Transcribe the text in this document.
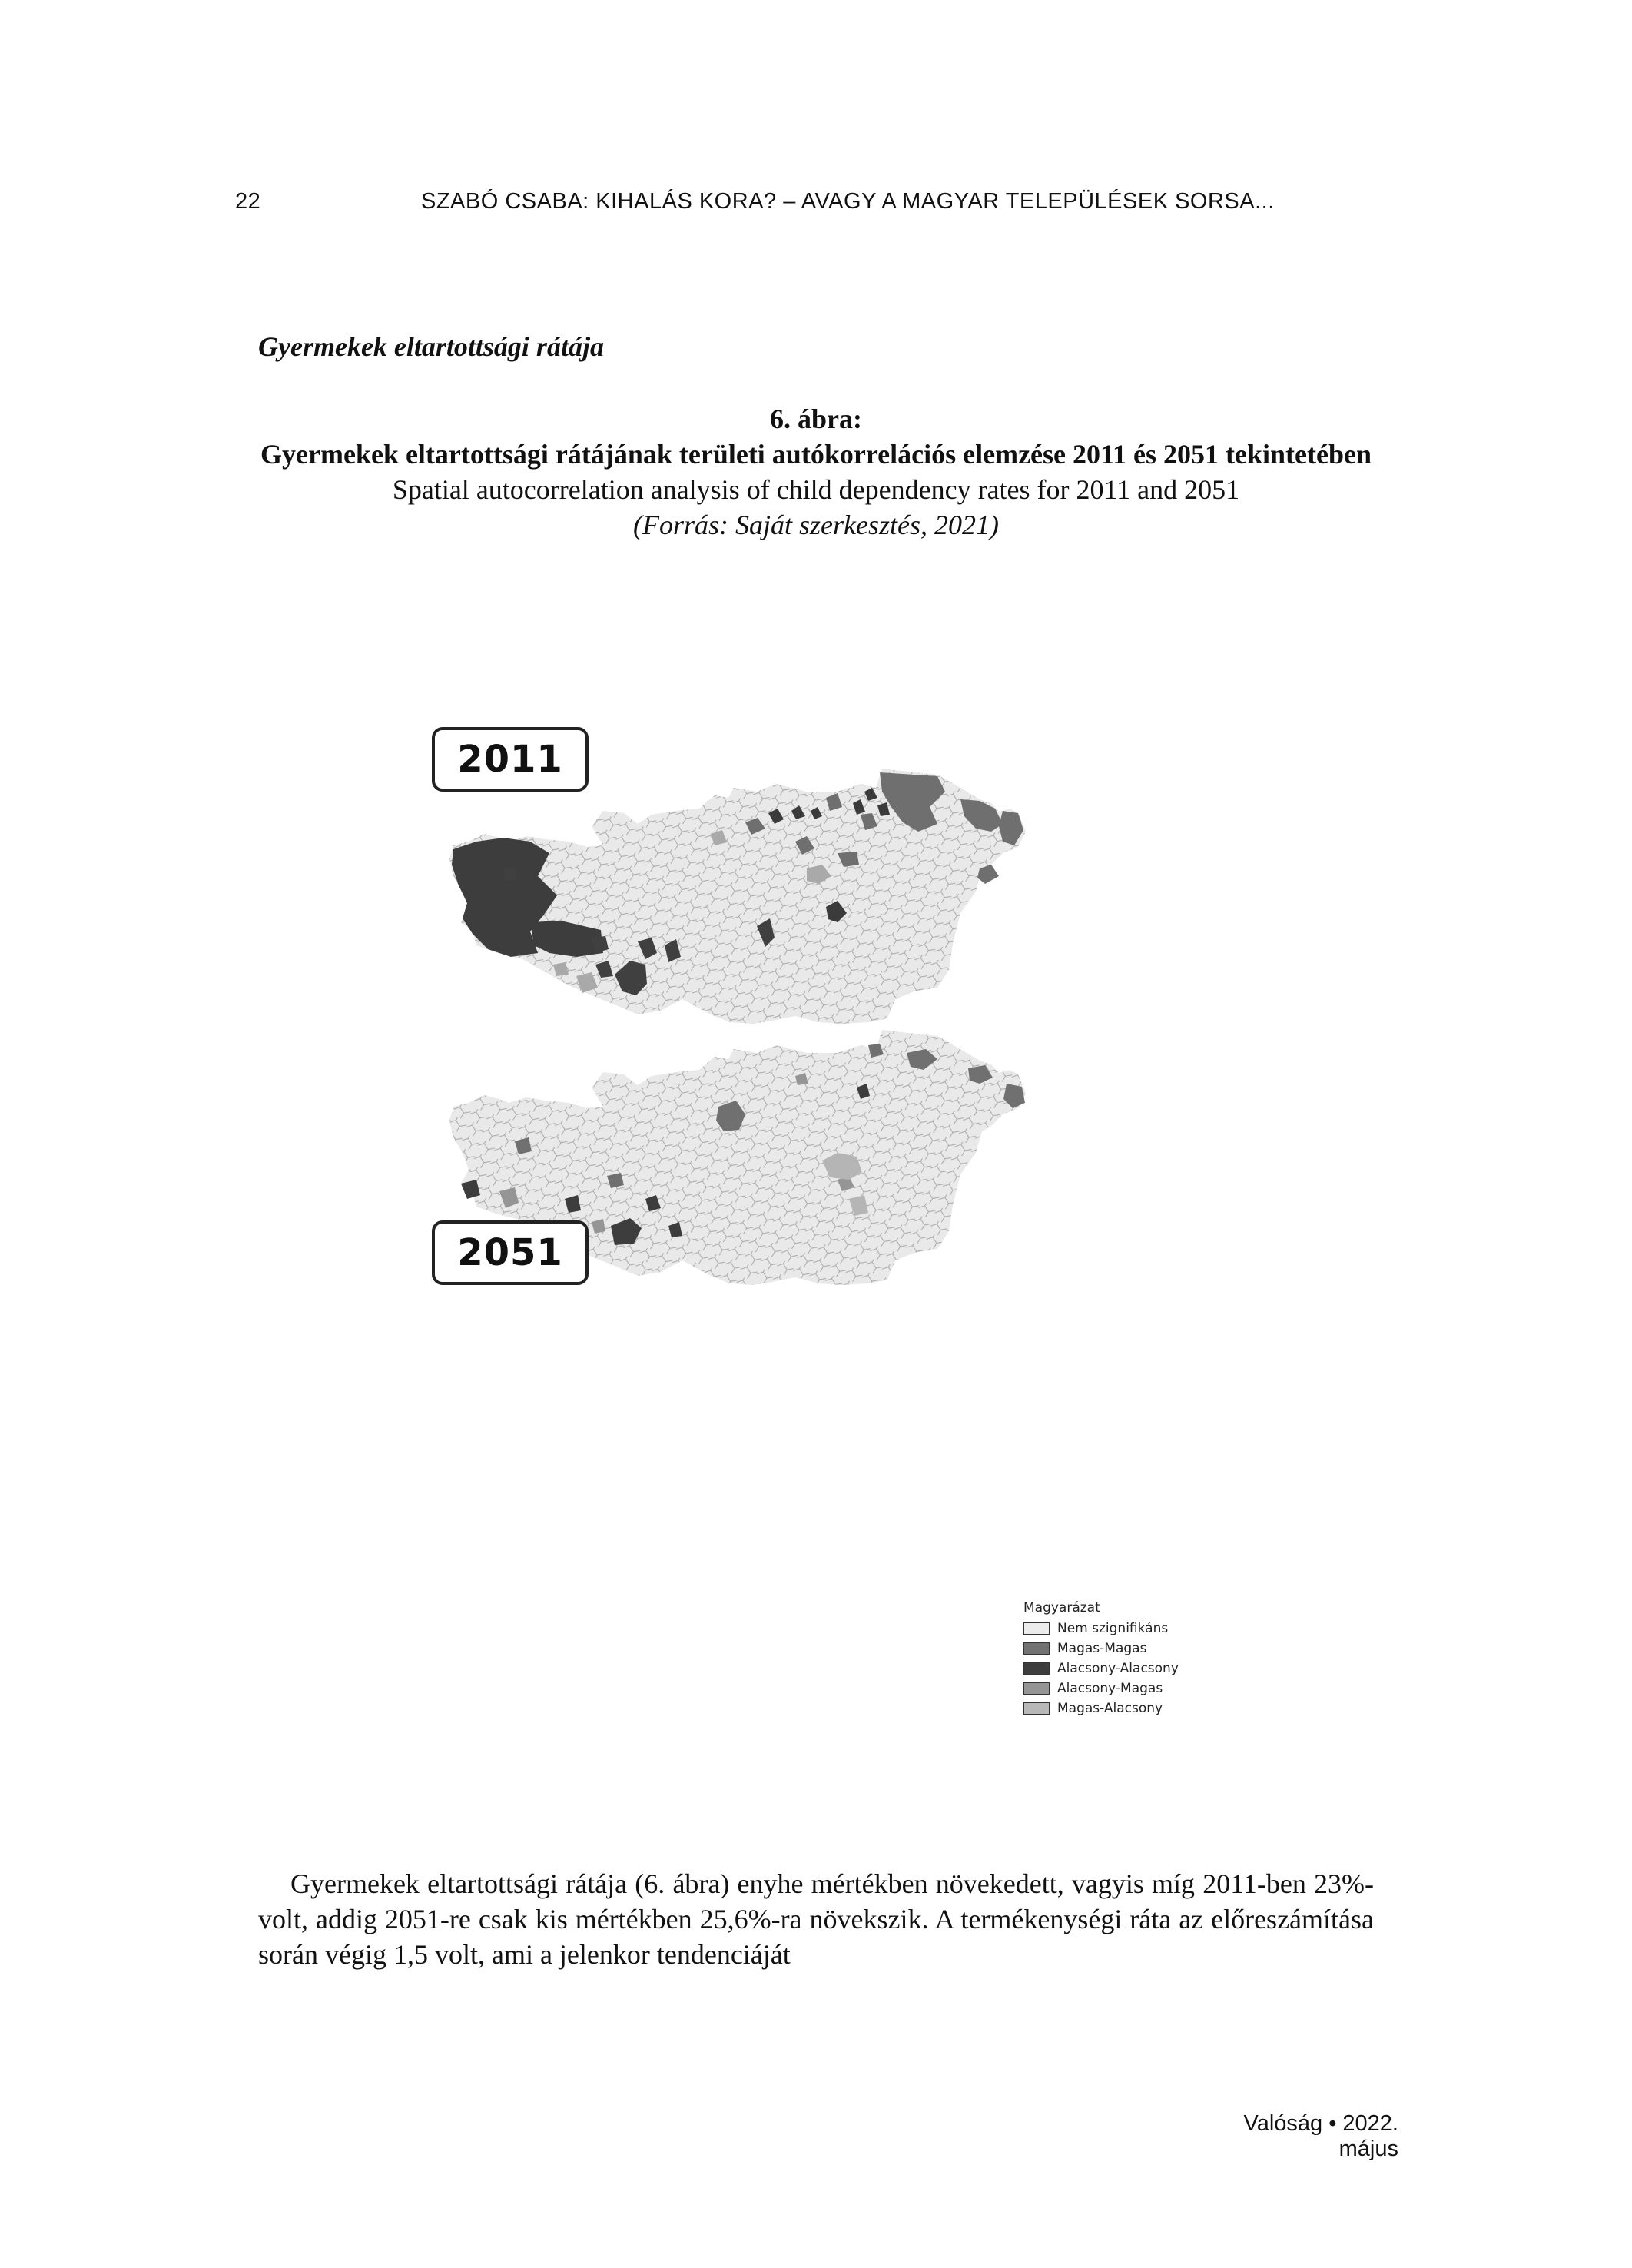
22	SZABÓ CSABA: KIHALÁS KORA? – AVAGY A MAGYAR TELEPÜLÉSEK SORSA...
Gyermekek eltartottsági rátája
6. ábra:
Gyermekek eltartottsági rátájának területi autókorrelációs elemzése 2011 és 2051 tekintetében
Spatial autocorrelation analysis of child dependency rates for 2011 and 2051
(Forrás: Saját szerkesztés, 2021)
2011
2051
Magyarázat
Nem szignifikáns
Magas-Magas
Alacsony-Alacsony
Alacsony-Magas
Magas-Alacsony
Gyermekek eltartottsági rátája (6. ábra) enyhe mértékben növekedett, vagyis míg 2011-ben 23%-volt, addig 2051-re csak kis mértékben 25,6%-ra növekszik. A termékenységi ráta az előreszámítása során végig 1,5 volt, ami a jelenkor tendenciáját
Valóság • 2022. május
